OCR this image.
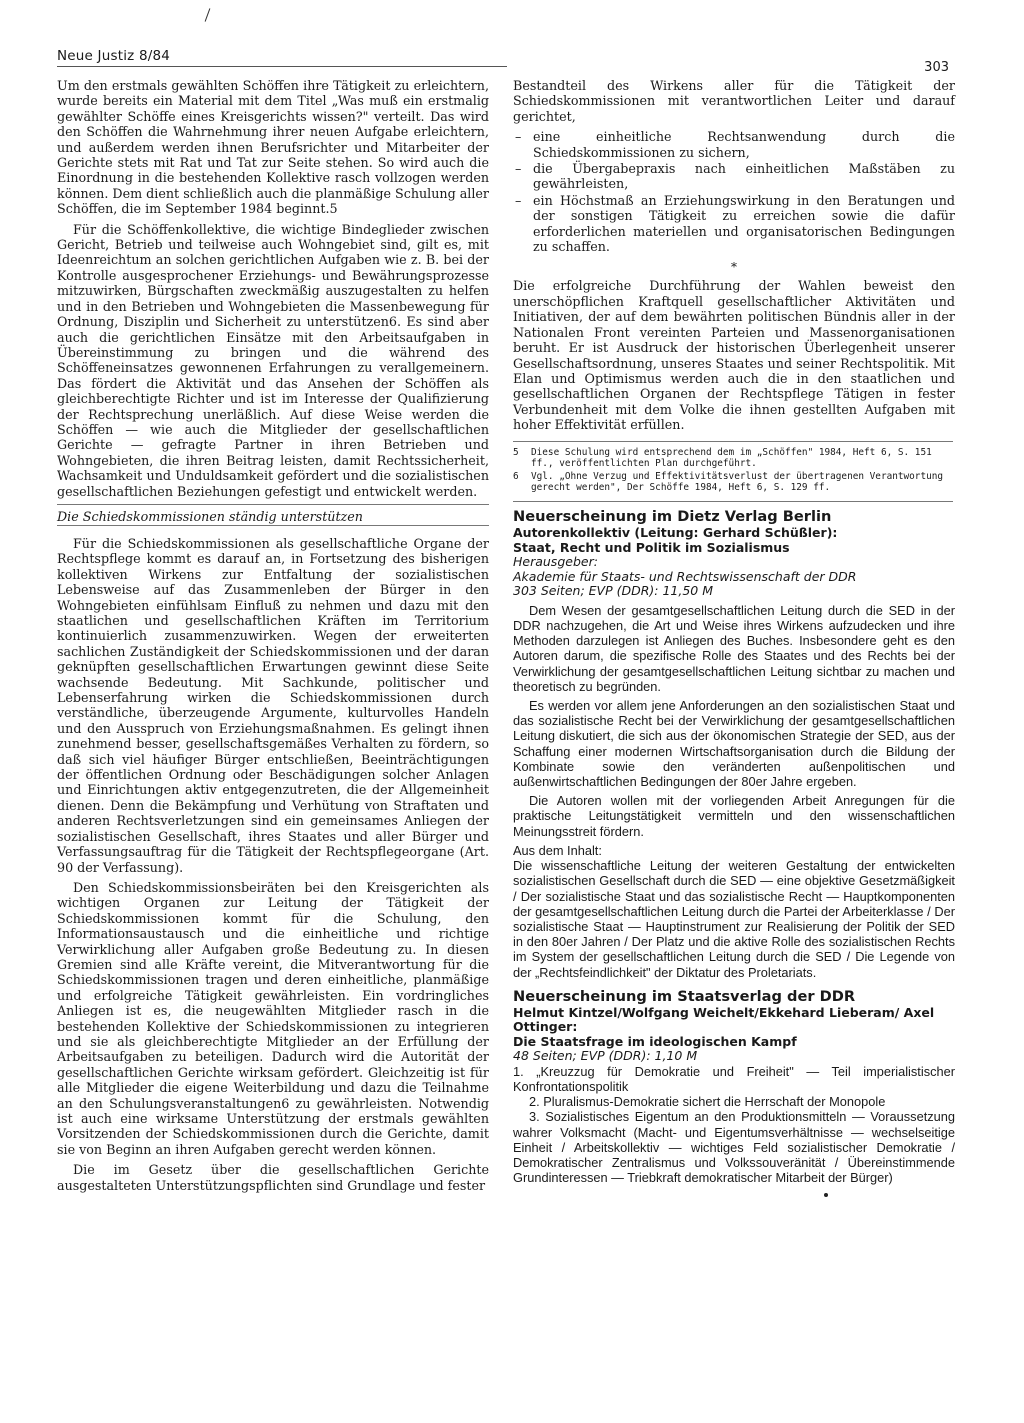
Neue Justiz 8/84
303

Um den erstmals gewählten Schöffen ihre Tätigkeit zu erleichtern, wurde bereits ein Material mit dem Titel „Was muß ein erstmalig gewählter Schöffe eines Kreisgerichts wissen?" verteilt. Das wird den Schöffen die Wahrnehmung ihrer neuen Aufgabe erleichtern, und außerdem werden ihnen Berufsrichter und Mitarbeiter der Gerichte stets mit Rat und Tat zur Seite stehen. So wird auch die Einordnung in die bestehenden Kollektive rasch vollzogen werden können. Dem dient schließlich auch die planmäßige Schulung aller Schöffen, die im September 1984 beginnt.5

Für die Schöffenkollektive, die wichtige Bindeglieder zwischen Gericht, Betrieb und teilweise auch Wohngebiet sind, gilt es, mit Ideenreichtum an solchen gerichtlichen Aufgaben wie z. B. bei der Kontrolle ausgesprochener Erziehungs- und Bewährungsprozesse mitzuwirken, Bürgschaften zweckmäßig auszugestalten zu helfen und in den Betrieben und Wohngebieten die Massenbewegung für Ordnung, Disziplin und Sicherheit zu unterstützen6. Es sind aber auch die gerichtlichen Einsätze mit den Arbeitsaufgaben in Übereinstimmung zu bringen und die während des Schöffeneinsatzes gewonnenen Erfahrungen zu verallgemeinern. Das fördert die Aktivität und das Ansehen der Schöffen als gleichberechtigte Richter und ist im Interesse der Qualifizierung der Rechtsprechung unerläßlich. Auf diese Weise werden die Schöffen — wie auch die Mitglieder der gesellschaftlichen Gerichte — gefragte Partner in ihren Betrieben und Wohngebieten, die ihren Beitrag leisten, damit Rechtssicherheit, Wachsamkeit und Unduldsamkeit gefördert und die sozialistischen gesellschaftlichen Beziehungen gefestigt und entwickelt werden.

Die Schiedskommissionen ständig unterstützen

Für die Schiedskommissionen als gesellschaftliche Organe der Rechtspflege kommt es darauf an, in Fortsetzung des bisherigen kollektiven Wirkens zur Entfaltung der sozialistischen Lebensweise auf das Zusammenleben der Bürger in den Wohngebieten einfühlsam Einfluß zu nehmen und dazu mit den staatlichen und gesellschaftlichen Kräften im Territorium kontinuierlich zusammenzuwirken. Wegen der erweiterten sachlichen Zuständigkeit der Schiedskommissionen und der daran geknüpften gesellschaftlichen Erwartungen gewinnt diese Seite wachsende Bedeutung. Mit Sachkunde, politischer und Lebenserfahrung wirken die Schiedskommissionen durch verständliche, überzeugende Argumente, kulturvolles Handeln und den Ausspruch von Erziehungsmaßnahmen. Es gelingt ihnen zunehmend besser, gesellschaftsgemäßes Verhalten zu fördern, so daß sich viel häufiger Bürger entschließen, Beeinträchtigungen der öffentlichen Ordnung oder Beschädigungen solcher Anlagen und Einrichtungen aktiv entgegenzutreten, die der Allgemeinheit dienen. Denn die Bekämpfung und Verhütung von Straftaten und anderen Rechtsverletzungen sind ein gemeinsames Anliegen der sozialistischen Gesellschaft, ihres Staates und aller Bürger und Verfassungsauftrag für die Tätigkeit der Rechtspflegeorgane (Art. 90 der Verfassung).

Den Schiedskommissionsbeiräten bei den Kreisgerichten als wichtigen Organen zur Leitung der Tätigkeit der Schiedskommissionen kommt für die Schulung, den Informationsaustausch und die einheitliche und richtige Verwirklichung aller Aufgaben große Bedeutung zu. In diesen Gremien sind alle Kräfte vereint, die Mitverantwortung für die Schiedskommissionen tragen und deren einheitliche, planmäßige und erfolgreiche Tätigkeit gewährleisten. Ein vordringliches Anliegen ist es, die neugewählten Mitglieder rasch in die bestehenden Kollektive der Schiedskommissionen zu integrieren und sie als gleichberechtigte Mitglieder an der Erfüllung der Arbeitsaufgaben zu beteiligen. Dadurch wird die Autorität der gesellschaftlichen Gerichte wirksam gefördert. Gleichzeitig ist für alle Mitglieder die eigene Weiterbildung und dazu die Teilnahme an den Schulungsveranstaltungen6 zu gewährleisten. Notwendig ist auch eine wirksame Unterstützung der erstmals gewählten Vorsitzenden der Schiedskommissionen durch die Gerichte, damit sie von Beginn an ihren Aufgaben gerecht werden können.

Die im Gesetz über die gesellschaftlichen Gerichte ausgestalteten Unterstützungspflichten sind Grundlage und fester

Bestandteil des Wirkens aller für die Tätigkeit der Schiedskommissionen mit verantwortlichen Leiter und darauf gerichtet,

– eine einheitliche Rechtsanwendung durch die Schiedskommissionen zu sichern,
– die Übergabepraxis nach einheitlichen Maßstäben zu gewährleisten,
– ein Höchstmaß an Erziehungswirkung in den Beratungen und der sonstigen Tätigkeit zu erreichen sowie die dafür erforderlichen materiellen und organisatorischen Bedingungen zu schaffen.
*

Die erfolgreiche Durchführung der Wahlen beweist den unerschöpflichen Kraftquell gesellschaftlicher Aktivitäten und Initiativen, der auf dem bewährten politischen Bündnis aller in der Nationalen Front vereinten Parteien und Massenorganisationen beruht. Er ist Ausdruck der historischen Überlegenheit unserer Gesellschaftsordnung, unseres Staates und seiner Rechtspolitik. Mit Elan und Optimismus werden auch die in den staatlichen und gesellschaftlichen Organen der Rechtspflege Tätigen in fester Verbundenheit mit dem Volke die ihnen gestellten Aufgaben mit hoher Effektivität erfüllen.

5	Diese Schulung wird entsprechend dem im „Schöffen" 1984, Heft 6, S. 151 ff., veröffentlichten Plan durchgeführt.
6	Vgl. „Ohne Verzug und Effektivitätsverlust der übertragenen Verantwortung gerecht werden", Der Schöffe 1984, Heft 6, S. 129 ff.
Neuerscheinung im Dietz Verlag Berlin
Autorenkollektiv (Leitung: Gerhard Schüßler):
Staat, Recht und Politik im Sozialismus
Herausgeber:
Akademie für Staats- und Rechtswissenschaft der DDR
303 Seiten; EVP (DDR): 11,50 M

Dem Wesen der gesamtgesellschaftlichen Leitung durch die SED in der DDR nachzugehen, die Art und Weise ihres Wirkens aufzudecken und ihre Methoden darzulegen ist Anliegen des Buches. Insbesondere geht es den Autoren darum, die spezifische Rolle des Staates und des Rechts bei der Verwirklichung der gesamtgesellschaftlichen Leitung sichtbar zu machen und theoretisch zu begründen.

Es werden vor allem jene Anforderungen an den sozialistischen Staat und das sozialistische Recht bei der Verwirklichung der gesamtgesellschaftlichen Leitung diskutiert, die sich aus der ökonomischen Strategie der SED, aus der Schaffung einer modernen Wirtschaftsorganisation durch die Bildung der Kombinate sowie den veränderten außenpolitischen und außenwirtschaftlichen Bedingungen der 80er Jahre ergeben.

Die Autoren wollen mit der vorliegenden Arbeit Anregungen für die praktische Leitungstätigkeit vermitteln und den wissenschaftlichen Meinungsstreit fördern.

Aus dem Inhalt:

Die wissenschaftliche Leitung der weiteren Gestaltung der entwickelten sozialistischen Gesellschaft durch die SED — eine objektive Gesetzmäßigkeit / Der sozialistische Staat und das sozialistische Recht — Hauptkomponenten der gesamtgesellschaftlichen Leitung durch die Partei der Arbeiterklasse / Der sozialistische Staat — Hauptinstrument zur Realisierung der Politik der SED in den 80er Jahren / Der Platz und die aktive Rolle des sozialistischen Rechts im System der gesellschaftlichen Leitung durch die SED / Die Legende von der „Rechtsfeindlichkeit" der Diktatur des Proletariats.

Neuerscheinung im Staatsverlag der DDR
Helmut Kintzel/Wolfgang Weichelt/Ekkehard Lieberam/ Axel Ottinger:
Die Staatsfrage im ideologischen Kampf
48 Seiten; EVP (DDR): 1,10 M
1. „Kreuzzug für Demokratie und Freiheit" — Teil imperialistischer Konfrontationspolitik
2. Pluralismus-Demokratie sichert die Herrschaft der Monopole
3. Sozialistisches Eigentum an den Produktionsmitteln — Voraussetzung wahrer Volksmacht (Macht- und Eigentumsverhältnisse — wechselseitige Einheit / Arbeitskollektiv — wichtiges Feld sozialistischer Demokratie / Demokratischer Zentralismus und Volkssouveränität / Übereinstimmende Grundinteressen — Triebkraft demokratischer Mitarbeit der Bürger)
